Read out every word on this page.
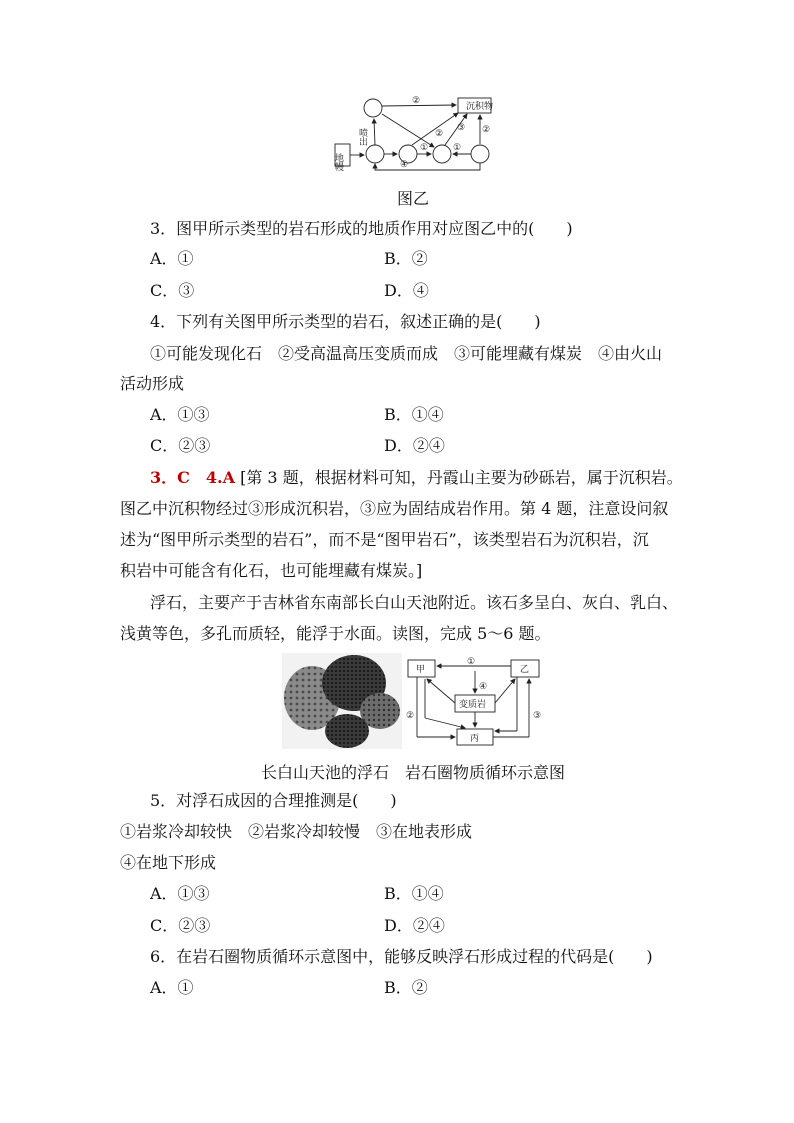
沉积物
地幔
喷出
②
①	①
②
③ ②
④
图乙
3．图甲所示类型的岩石形成的地质作用对应图乙中的(　　)
A．①	B．②
C．③	D．④
4．下列有关图甲所示类型的岩石，叙述正确的是(　　)
①可能发现化石　②受高温高压变质而成　③可能埋藏有煤炭　④由火山
活动形成
A．①③	B．①④
C．②③	D．②④
3．C　4.A [第 3 题，根据材料可知，丹霞山主要为砂砾岩，属于沉积岩。
图乙中沉积物经过③形成沉积岩，③应为固结成岩作用。第 4 题，注意设问叙
述为“图甲所示类型的岩石”，而不是“图甲岩石”，该类型岩石为沉积岩，沉
积岩中可能含有化石，也可能埋藏有煤炭。]
浮石，主要产于吉林省东南部长白山天池附近。该石多呈白、灰白、乳白、
浅黄等色，多孔而质轻，能浮于水面。读图，完成 5～6 题。
甲	乙
变质岩
丙
①
②	③
④
长白山天池的浮石　岩石圈物质循环示意图
5．对浮石成因的合理推测是(　　)
①岩浆冷却较快　②岩浆冷却较慢　③在地表形成
④在地下形成
A．①③	B．①④
C．②③	D．②④
6．在岩石圈物质循环示意图中，能够反映浮石形成过程的代码是(　　)
A．①	B．②
